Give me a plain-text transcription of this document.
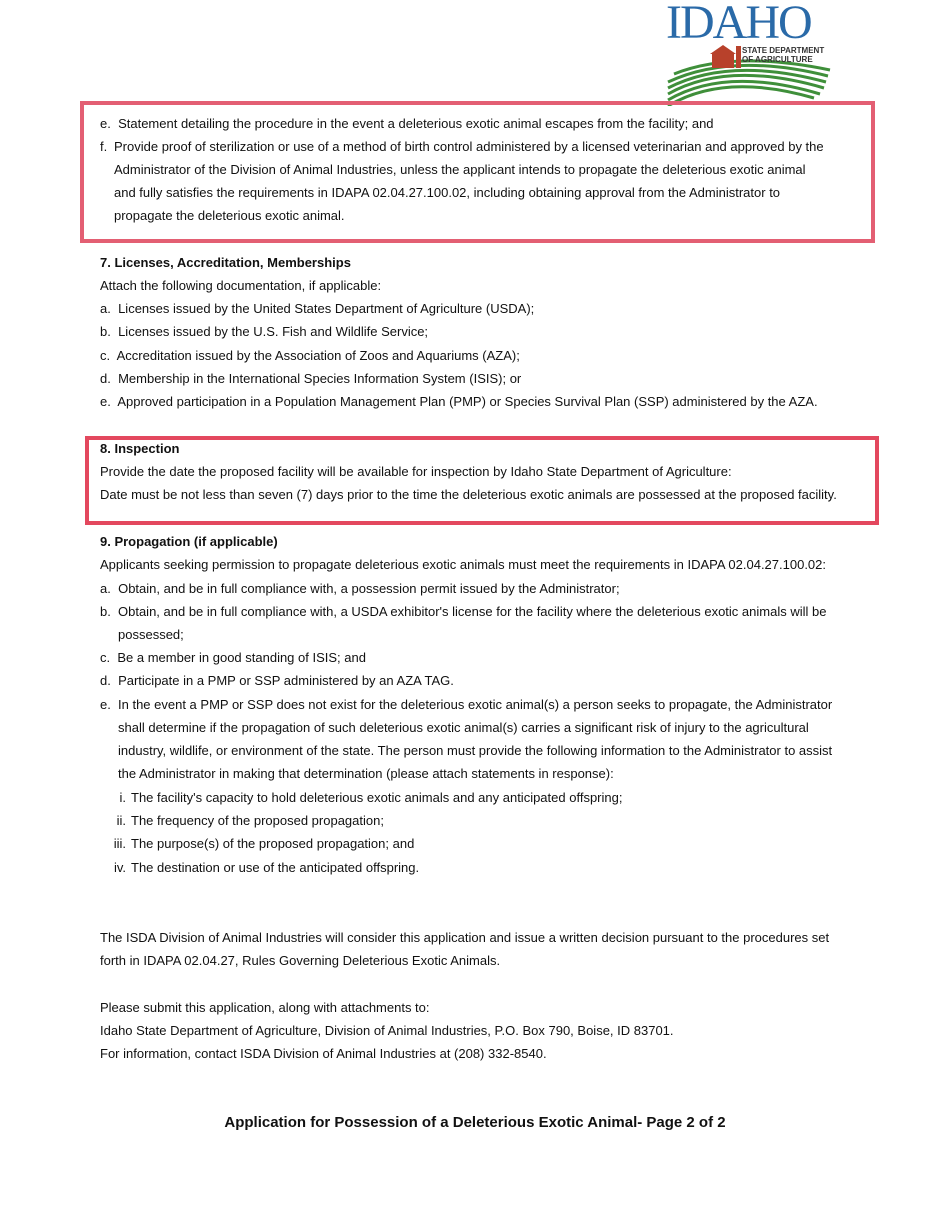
IDAHO
STATE DEPARTMENT
OF AGRICULTURE
e. Statement detailing the procedure in the event a deleterious exotic animal escapes from the facility; and
f. Provide proof of sterilization or use of a method of birth control administered by a licensed veterinarian and approved by the
Administrator of the Division of Animal Industries, unless the applicant intends to propagate the deleterious exotic animal
and fully satisfies the requirements in IDAPA 02.04.27.100.02, including obtaining approval from the Administrator to
propagate the deleterious exotic animal.
7. Licenses, Accreditation, Memberships
Attach the following documentation, if applicable:
a. Licenses issued by the United States Department of Agriculture (USDA);
b. Licenses issued by the U.S. Fish and Wildlife Service;
c. Accreditation issued by the Association of Zoos and Aquariums (AZA);
d. Membership in the International Species Information System (ISIS); or
e. Approved participation in a Population Management Plan (PMP) or Species Survival Plan (SSP) administered by the AZA.
8. Inspection
Provide the date the proposed facility will be available for inspection by Idaho State Department of Agriculture:
Date must be not less than seven (7) days prior to the time the deleterious exotic animals are possessed at the proposed facility.
9. Propagation (if applicable)
Applicants seeking permission to propagate deleterious exotic animals must meet the requirements in IDAPA 02.04.27.100.02:
a. Obtain, and be in full compliance with, a possession permit issued by the Administrator;
b. Obtain, and be in full compliance with, a USDA exhibitor's license for the facility where the deleterious exotic animals will be
possessed;
c. Be a member in good standing of ISIS; and
d. Participate in a PMP or SSP administered by an AZA TAG.
e. In the event a PMP or SSP does not exist for the deleterious exotic animal(s) a person seeks to propagate, the Administrator
shall determine if the propagation of such deleterious exotic animal(s) carries a significant risk of injury to the agricultural
industry, wildlife, or environment of the state. The person must provide the following information to the Administrator to assist
the Administrator in making that determination (please attach statements in response):
i. The facility's capacity to hold deleterious exotic animals and any anticipated offspring;
ii. The frequency of the proposed propagation;
iii. The purpose(s) of the proposed propagation; and
iv. The destination or use of the anticipated offspring.
The ISDA Division of Animal Industries will consider this application and issue a written decision pursuant to the procedures set
forth in IDAPA 02.04.27, Rules Governing Deleterious Exotic Animals.
Please submit this application, along with attachments to:
Idaho State Department of Agriculture, Division of Animal Industries, P.O. Box 790, Boise, ID 83701.
For information, contact ISDA Division of Animal Industries at (208) 332-8540.
Application for Possession of a Deleterious Exotic Animal- Page 2 of 2
